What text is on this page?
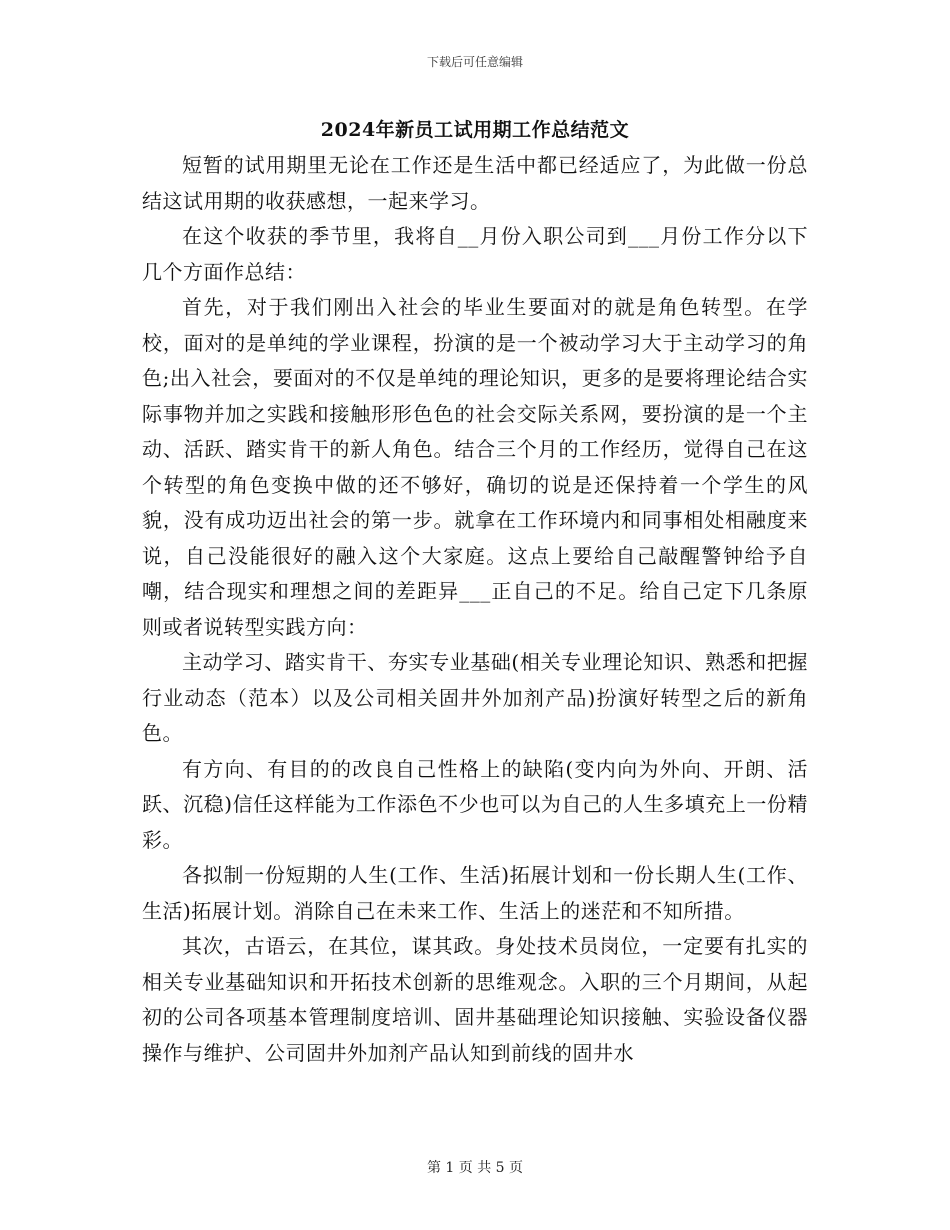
下载后可任意编辑
2024年新员工试用期工作总结范文

短暂的试用期里无论在工作还是生活中都已经适应了，为此做一份总结这试用期的收获感想，一起来学习。

在这个收获的季节里，我将自__月份入职公司到___月份工作分以下几个方面作总结：

首先，对于我们刚出入社会的毕业生要面对的就是角色转型。在学校，面对的是单纯的学业课程，扮演的是一个被动学习大于主动学习的角色;出入社会，要面对的不仅是单纯的理论知识，更多的是要将理论结合实际事物并加之实践和接触形形色色的社会交际关系网，要扮演的是一个主动、活跃、踏实肯干的新人角色。结合三个月的工作经历，觉得自己在这个转型的角色变换中做的还不够好，确切的说是还保持着一个学生的风貌，没有成功迈出社会的第一步。就拿在工作环境内和同事相处相融度来说，自己没能很好的融入这个大家庭。这点上要给自己敲醒警钟给予自嘲，结合现实和理想之间的差距异___正自己的不足。给自己定下几条原则或者说转型实践方向：

主动学习、踏实肯干、夯实专业基础(相关专业理论知识、熟悉和把握行业动态（范本）以及公司相关固井外加剂产品)扮演好转型之后的新角色。

有方向、有目的的改良自己性格上的缺陷(变内向为外向、开朗、活跃、沉稳)信任这样能为工作添色不少也可以为自己的人生多填充上一份精彩。

各拟制一份短期的人生(工作、生活)拓展计划和一份长期人生(工作、生活)拓展计划。消除自己在未来工作、生活上的迷茫和不知所措。

其次，古语云，在其位，谋其政。身处技术员岗位，一定要有扎实的相关专业基础知识和开拓技术创新的思维观念。入职的三个月期间，从起初的公司各项基本管理制度培训、固井基础理论知识接触、实验设备仪器操作与维护、公司固井外加剂产品认知到前线的固井水

第 1 页 共 5 页
